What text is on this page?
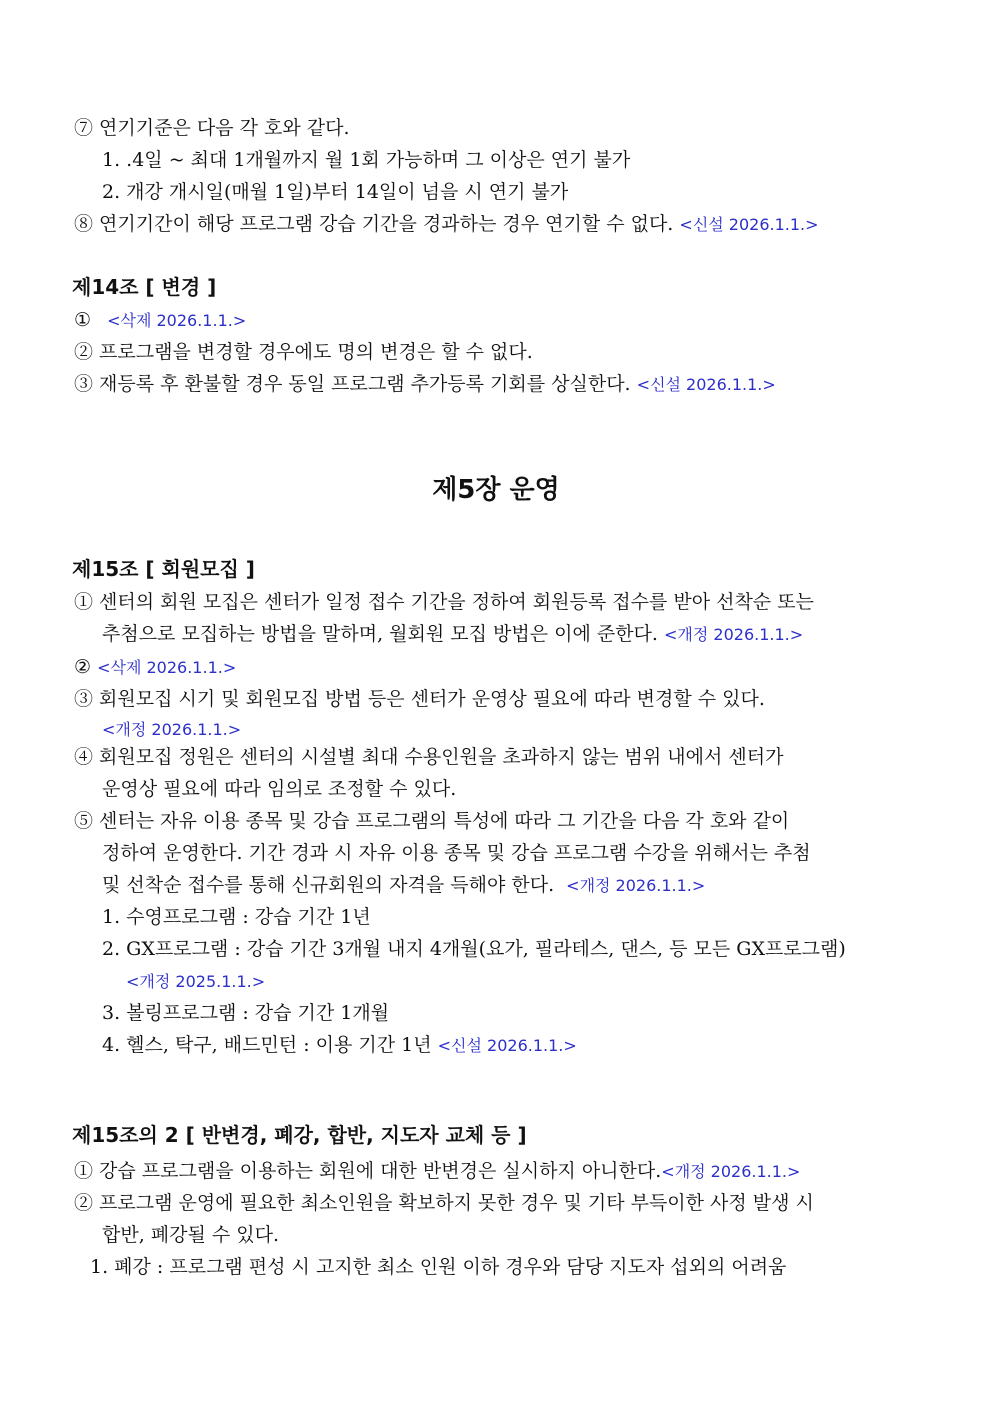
⑦ 연기기준은 다음 각 호와 같다.
1. .4일 ~ 최대 1개월까지 월 1회 가능하며 그 이상은 연기 불가
2. 개강 개시일(매월 1일)부터 14일이 넘을 시 연기 불가
⑧ 연기기간이 해당 프로그램 강습 기간을 경과하는 경우 연기할 수 없다. <신설 2026.1.1.>
제14조 [ 변경 ]
① <삭제 2026.1.1.>
② 프로그램을 변경할 경우에도 명의 변경은 할 수 없다.
③ 재등록 후 환불할 경우 동일 프로그램 추가등록 기회를 상실한다. <신설 2026.1.1.>
제5장 운영
제15조 [ 회원모집 ]
① 센터의 회원 모집은 센터가 일정 접수 기간을 정하여 회원등록 접수를 받아 선착순 또는
추첨으로 모집하는 방법을 말하며, 월회원 모집 방법은 이에 준한다. <개정 2026.1.1.>
② <삭제 2026.1.1.>
③ 회원모집 시기 및 회원모집 방법 등은 센터가 운영상 필요에 따라 변경할 수 있다.
<개정 2026.1.1.>
④ 회원모집 정원은 센터의 시설별 최대 수용인원을 초과하지 않는 범위 내에서 센터가
운영상 필요에 따라 임의로 조정할 수 있다.
⑤ 센터는 자유 이용 종목 및 강습 프로그램의 특성에 따라 그 기간을 다음 각 호와 같이
정하여 운영한다. 기간 경과 시 자유 이용 종목 및 강습 프로그램 수강을 위해서는 추첨
및 선착순 접수를 통해 신규회원의 자격을 득해야 한다. <개정 2026.1.1.>
1. 수영프로그램 : 강습 기간 1년
2. GX프로그램 : 강습 기간 3개월 내지 4개월(요가, 필라테스, 댄스, 등 모든 GX프로그램)
<개정 2025.1.1.>
3. 볼링프로그램 : 강습 기간 1개월
4. 헬스, 탁구, 배드민턴 : 이용 기간 1년 <신설 2026.1.1.>
제15조의 2 [ 반변경, 폐강, 합반, 지도자 교체 등 ]
① 강습 프로그램을 이용하는 회원에 대한 반변경은 실시하지 아니한다.<개정 2026.1.1.>
② 프로그램 운영에 필요한 최소인원을 확보하지 못한 경우 및 기타 부득이한 사정 발생 시
합반, 폐강될 수 있다.
1. 폐강 : 프로그램 편성 시 고지한 최소 인원 이하 경우와 담당 지도자 섭외의 어려움
